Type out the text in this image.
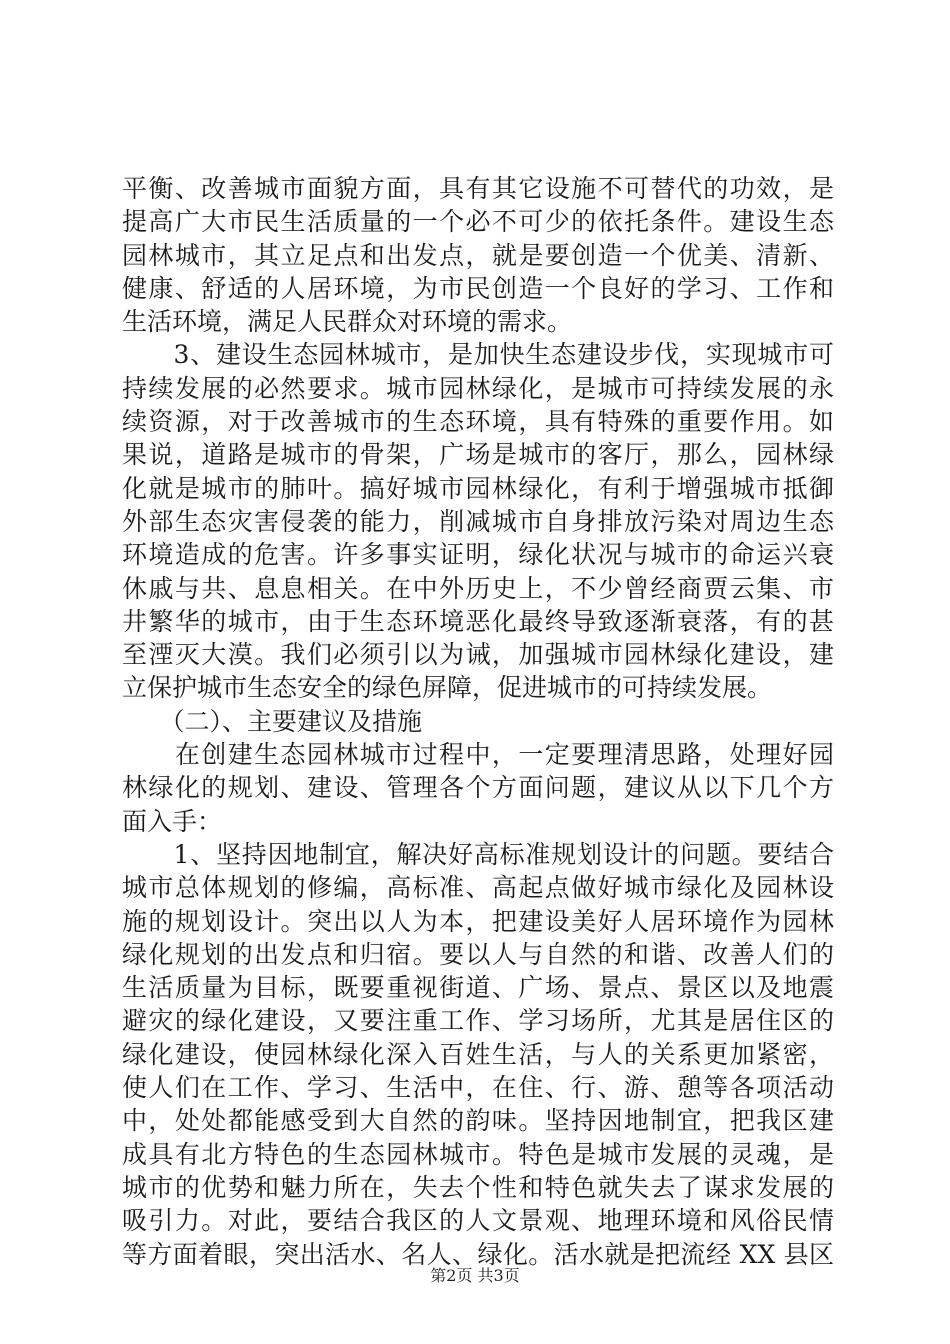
平衡、改善城市面貌方面，具有其它设施不可替代的功效，是
提高广大市民生活质量的一个必不可少的依托条件。建设生态
园林城市，其立足点和出发点，就是要创造一个优美、清新、
健康、舒适的人居环境，为市民创造一个良好的学习、工作和
生活环境，满足人民群众对环境的需求。
　　3、建设生态园林城市，是加快生态建设步伐，实现城市可
持续发展的必然要求。城市园林绿化，是城市可持续发展的永
续资源，对于改善城市的生态环境，具有特殊的重要作用。如
果说，道路是城市的骨架，广场是城市的客厅，那么，园林绿
化就是城市的肺叶。搞好城市园林绿化，有利于增强城市抵御
外部生态灾害侵袭的能力，削减城市自身排放污染对周边生态
环境造成的危害。许多事实证明，绿化状况与城市的命运兴衰
休戚与共、息息相关。在中外历史上，不少曾经商贾云集、市
井繁华的城市，由于生态环境恶化最终导致逐渐衰落，有的甚
至湮灭大漠。我们必须引以为诫，加强城市园林绿化建设，建
立保护城市生态安全的绿色屏障，促进城市的可持续发展。
　　（二）、主要建议及措施
　　在创建生态园林城市过程中，一定要理清思路，处理好园
林绿化的规划、建设、管理各个方面问题，建议从以下几个方
面入手：
　　1、坚持因地制宜，解决好高标准规划设计的问题。要结合
城市总体规划的修编，高标准、高起点做好城市绿化及园林设
施的规划设计。突出以人为本，把建设美好人居环境作为园林
绿化规划的出发点和归宿。要以人与自然的和谐、改善人们的
生活质量为目标，既要重视街道、广场、景点、景区以及地震
避灾的绿化建设，又要注重工作、学习场所，尤其是居住区的
绿化建设，使园林绿化深入百姓生活，与人的关系更加紧密，
使人们在工作、学习、生活中，在住、行、游、憩等各项活动
中，处处都能感受到大自然的韵味。坚持因地制宜，把我区建
成具有北方特色的生态园林城市。特色是城市发展的灵魂，是
城市的优势和魅力所在，失去个性和特色就失去了谋求发展的
吸引力。对此，要结合我区的人文景观、地理环境和风俗民情
等方面着眼，突出活水、名人、绿化。活水就是把流经 XX 县区
第2页 共3页
